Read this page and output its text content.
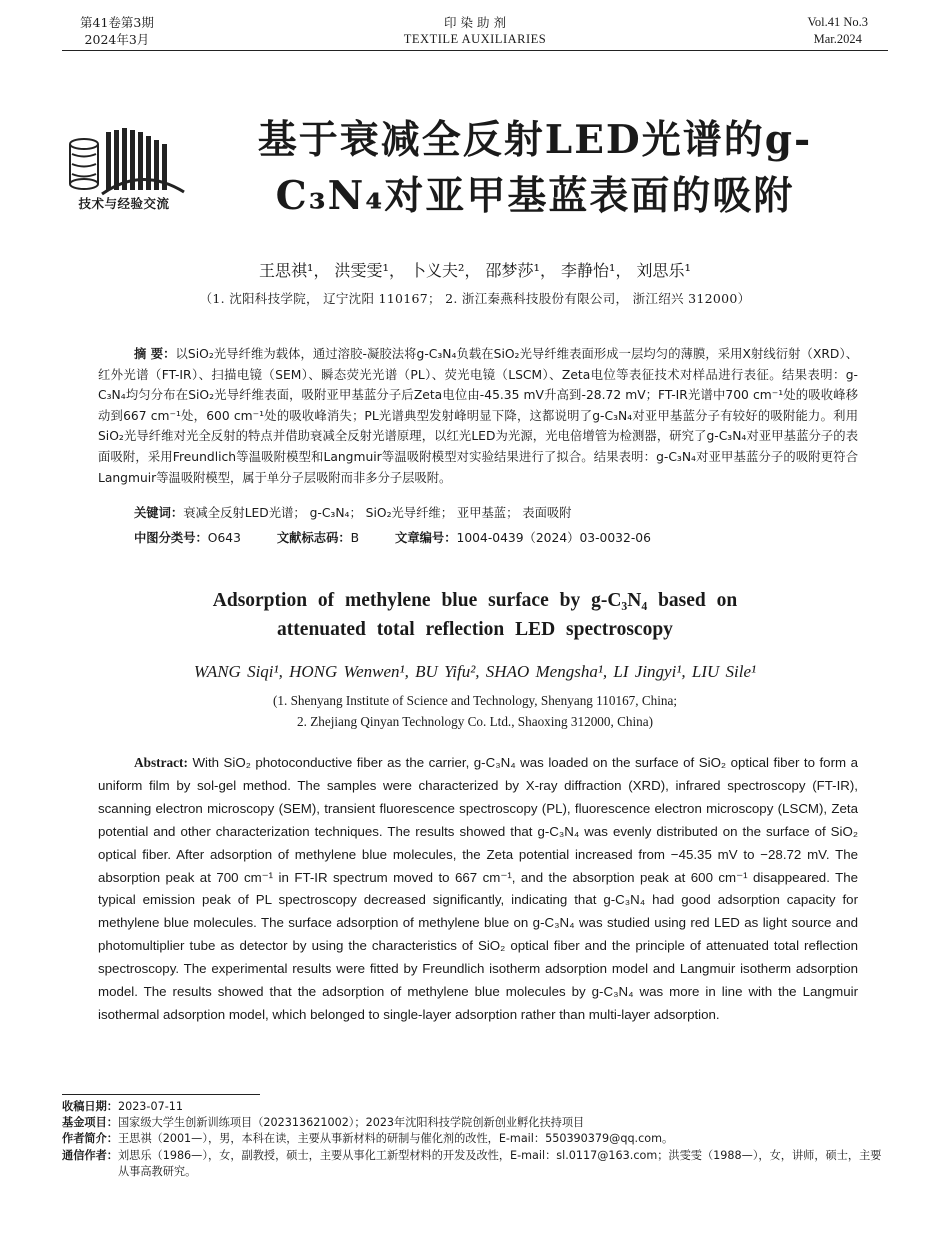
第41卷第3期
2024年3月
印 染 助 剂
TEXTILE AUXILIARIES
Vol.41 No.3
Mar.2024
技术与经验交流
基于衰减全反射LED光谱的g-
C₃N₄对亚甲基蓝表面的吸附
王思祺¹， 洪雯雯¹， 卜义夫²， 邵梦莎¹， 李静怡¹， 刘思乐¹
（1. 沈阳科技学院， 辽宁沈阳 110167； 2. 浙江秦燕科技股份有限公司， 浙江绍兴 312000）
摘 要：以SiO₂光导纤维为载体，通过溶胶-凝胶法将g-C₃N₄负载在SiO₂光导纤维表面形成一层均匀的薄膜，采用X射线衍射（XRD）、红外光谱（FT-IR）、扫描电镜（SEM）、瞬态荧光光谱（PL）、荧光电镜（LSCM）、Zeta电位等表征技术对样品进行表征。结果表明：g-C₃N₄均匀分布在SiO₂光导纤维表面，吸附亚甲基蓝分子后Zeta电位由-45.35 mV升高到-28.72 mV；FT-IR光谱中700 cm⁻¹处的吸收峰移动到667 cm⁻¹处，600 cm⁻¹处的吸收峰消失；PL光谱典型发射峰明显下降，这都说明了g-C₃N₄对亚甲基蓝分子有较好的吸附能力。利用SiO₂光导纤维对光全反射的特点并借助衰减全反射光谱原理，以红光LED为光源，光电倍增管为检测器，研究了g-C₃N₄对亚甲基蓝分子的表面吸附，采用Freundlich等温吸附模型和Langmuir等温吸附模型对实验结果进行了拟合。结果表明：g-C₃N₄对亚甲基蓝分子的吸附更符合Langmuir等温吸附模型，属于单分子层吸附而非多分子层吸附。
关键词：衰减全反射LED光谱； g-C₃N₄； SiO₂光导纤维； 亚甲基蓝； 表面吸附
中图分类号：O643	文献标志码：B	文章编号：1004-0439（2024）03-0032-06
Adsorption of methylene blue surface by g-C₃N₄ based on
attenuated total reflection LED spectroscopy
WANG Siqi¹, HONG Wenwen¹, BU Yifu², SHAO Mengsha¹, LI Jingyi¹, LIU Sile¹
(1. Shenyang Institute of Science and Technology, Shenyang 110167, China;
2. Zhejiang Qinyan Technology Co. Ltd., Shaoxing 312000, China)
Abstract: With SiO₂ photoconductive fiber as the carrier, g-C₃N₄ was loaded on the surface of SiO₂ optical fiber to form a uniform film by sol-gel method. The samples were characterized by X-ray diffraction (XRD), infrared spectroscopy (FT-IR), scanning electron microscopy (SEM), transient fluorescence spectroscopy (PL), fluorescence electron microscopy (LSCM), Zeta potential and other characterization techniques. The results showed that g-C₃N₄ was evenly distributed on the surface of SiO₂ optical fiber. After adsorption of methylene blue molecules, the Zeta potential increased from −45.35 mV to −28.72 mV. The absorption peak at 700 cm⁻¹ in FT-IR spectrum moved to 667 cm⁻¹, and the absorption peak at 600 cm⁻¹ disappeared. The typical emission peak of PL spectroscopy decreased significantly, indicating that g-C₃N₄ had good adsorption capacity for methylene blue molecules. The surface adsorption of methylene blue on g-C₃N₄ was studied using red LED as light source and photomultiplier tube as detector by using the characteristics of SiO₂ optical fiber and the principle of attenuated total reflection spectroscopy. The experimental results were fitted by Freundlich isotherm adsorption model and Langmuir isotherm adsorption model. The results showed that the adsorption of methylene blue molecules by g-C₃N₄ was more in line with the Langmuir isothermal adsorption model, which belonged to single-layer adsorption rather than multi-layer adsorption.
收稿日期： 2023-07-11
基金项目： 国家级大学生创新训练项目（202313621002）；2023年沈阳科技学院创新创业孵化扶持项目
作者简介： 王思祺（2001—），男，本科在读，主要从事新材料的研制与催化剂的改性，E-mail：550390379@qq.com。
通信作者： 刘思乐（1986—），女，副教授，硕士，主要从事化工新型材料的开发及改性，E-mail：sl.0117@163.com；洪雯雯（1988—），女，讲师，硕士，主要从事高教研究。
